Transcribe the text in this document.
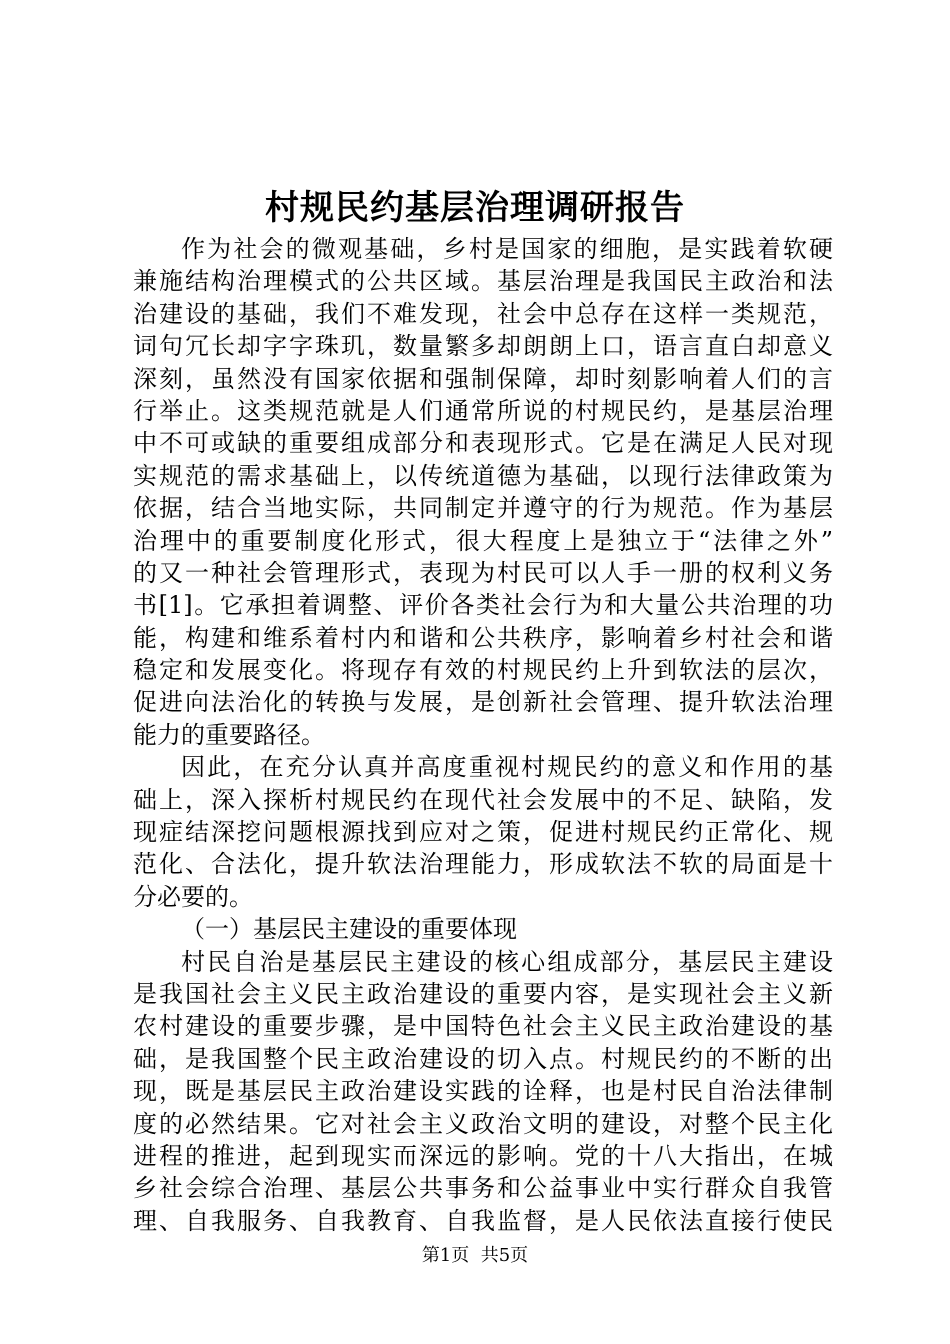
村规民约基层治理调研报告
作为社会的微观基础，乡村是国家的细胞，是实践着软硬
兼施结构治理模式的公共区域。基层治理是我国民主政治和法
治建设的基础，我们不难发现，社会中总存在这样一类规范，
词句冗长却字字珠玑，数量繁多却朗朗上口，语言直白却意义
深刻，虽然没有国家依据和强制保障，却时刻影响着人们的言
行举止。这类规范就是人们通常所说的村规民约，是基层治理
中不可或缺的重要组成部分和表现形式。它是在满足人民对现
实规范的需求基础上，以传统道德为基础，以现行法律政策为
依据，结合当地实际，共同制定并遵守的行为规范。作为基层
治理中的重要制度化形式，很大程度上是独立于“法律之外”
的又一种社会管理形式，表现为村民可以人手一册的权利义务
书[1]。它承担着调整、评价各类社会行为和大量公共治理的功
能，构建和维系着村内和谐和公共秩序，影响着乡村社会和谐
稳定和发展变化。将现存有效的村规民约上升到软法的层次，
促进向法治化的转换与发展，是创新社会管理、提升软法治理
能力的重要路径。
因此，在充分认真并高度重视村规民约的意义和作用的基
础上，深入探析村规民约在现代社会发展中的不足、缺陷，发
现症结深挖问题根源找到应对之策，促进村规民约正常化、规
范化、合法化，提升软法治理能力，形成软法不软的局面是十
分必要的。
（一）基层民主建设的重要体现
村民自治是基层民主建设的核心组成部分，基层民主建设
是我国社会主义民主政治建设的重要内容，是实现社会主义新
农村建设的重要步骤，是中国特色社会主义民主政治建设的基
础，是我国整个民主政治建设的切入点。村规民约的不断的出
现，既是基层民主政治建设实践的诠释，也是村民自治法律制
度的必然结果。它对社会主义政治文明的建设，对整个民主化
进程的推进，起到现实而深远的影响。党的十八大指出，在城
乡社会综合治理、基层公共事务和公益事业中实行群众自我管
理、自我服务、自我教育、自我监督，是人民依法直接行使民
第1页  共5页
